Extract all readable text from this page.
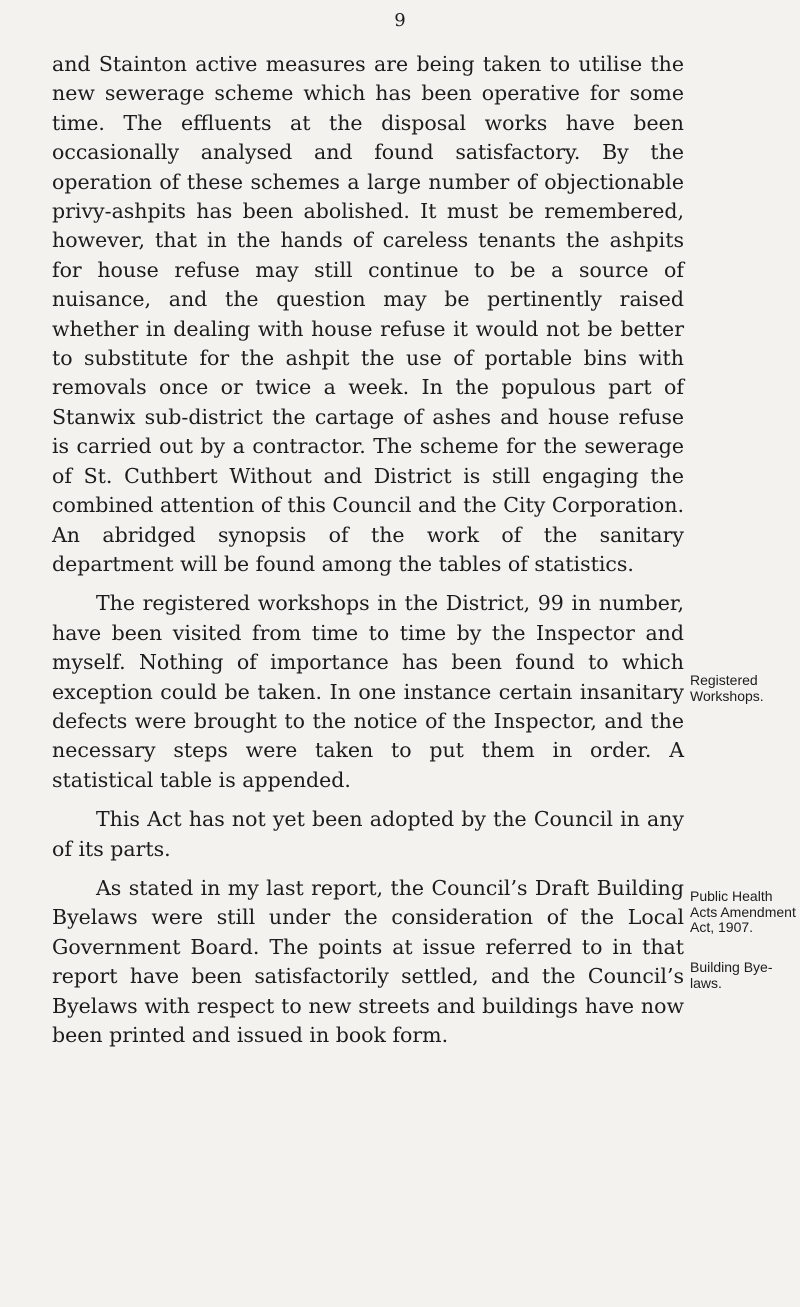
9

and Stainton active measures are being taken to utilise the new sewerage scheme which has been operative for some time. The effluents at the disposal works have been occasionally analysed and found satisfactory. By the operation of these schemes a large number of objectionable privy-ashpits has been abolished. It must be remembered, however, that in the hands of careless tenants the ashpits for house refuse may still continue to be a source of nuisance, and the question may be pertinently raised whether in dealing with house refuse it would not be better to substitute for the ashpit the use of portable bins with removals once or twice a week. In the populous part of Stanwix sub-district the cartage of ashes and house refuse is carried out by a contractor. The scheme for the sewerage of St. Cuthbert Without and District is still engaging the combined attention of this Council and the City Corporation. An abridged synopsis of the work of the sanitary department will be found among the tables of statistics.

The registered workshops in the District, 99 in number, have been visited from time to time by the Inspector and myself. Nothing of importance has been found to which exception could be taken. In one instance certain insanitary defects were brought to the notice of the Inspector, and the necessary steps were taken to put them in order. A statistical table is appended.

This Act has not yet been adopted by the Council in any of its parts.

As stated in my last report, the Council’s Draft Building Byelaws were still under the consideration of the Local Government Board. The points at issue referred to in that report have been satisfactorily settled, and the Council’s Byelaws with respect to new streets and buildings have now been printed and issued in book form.

Registered Workshops.
Public Health Acts Amendment Act, 1907.
Building Bye-laws.
